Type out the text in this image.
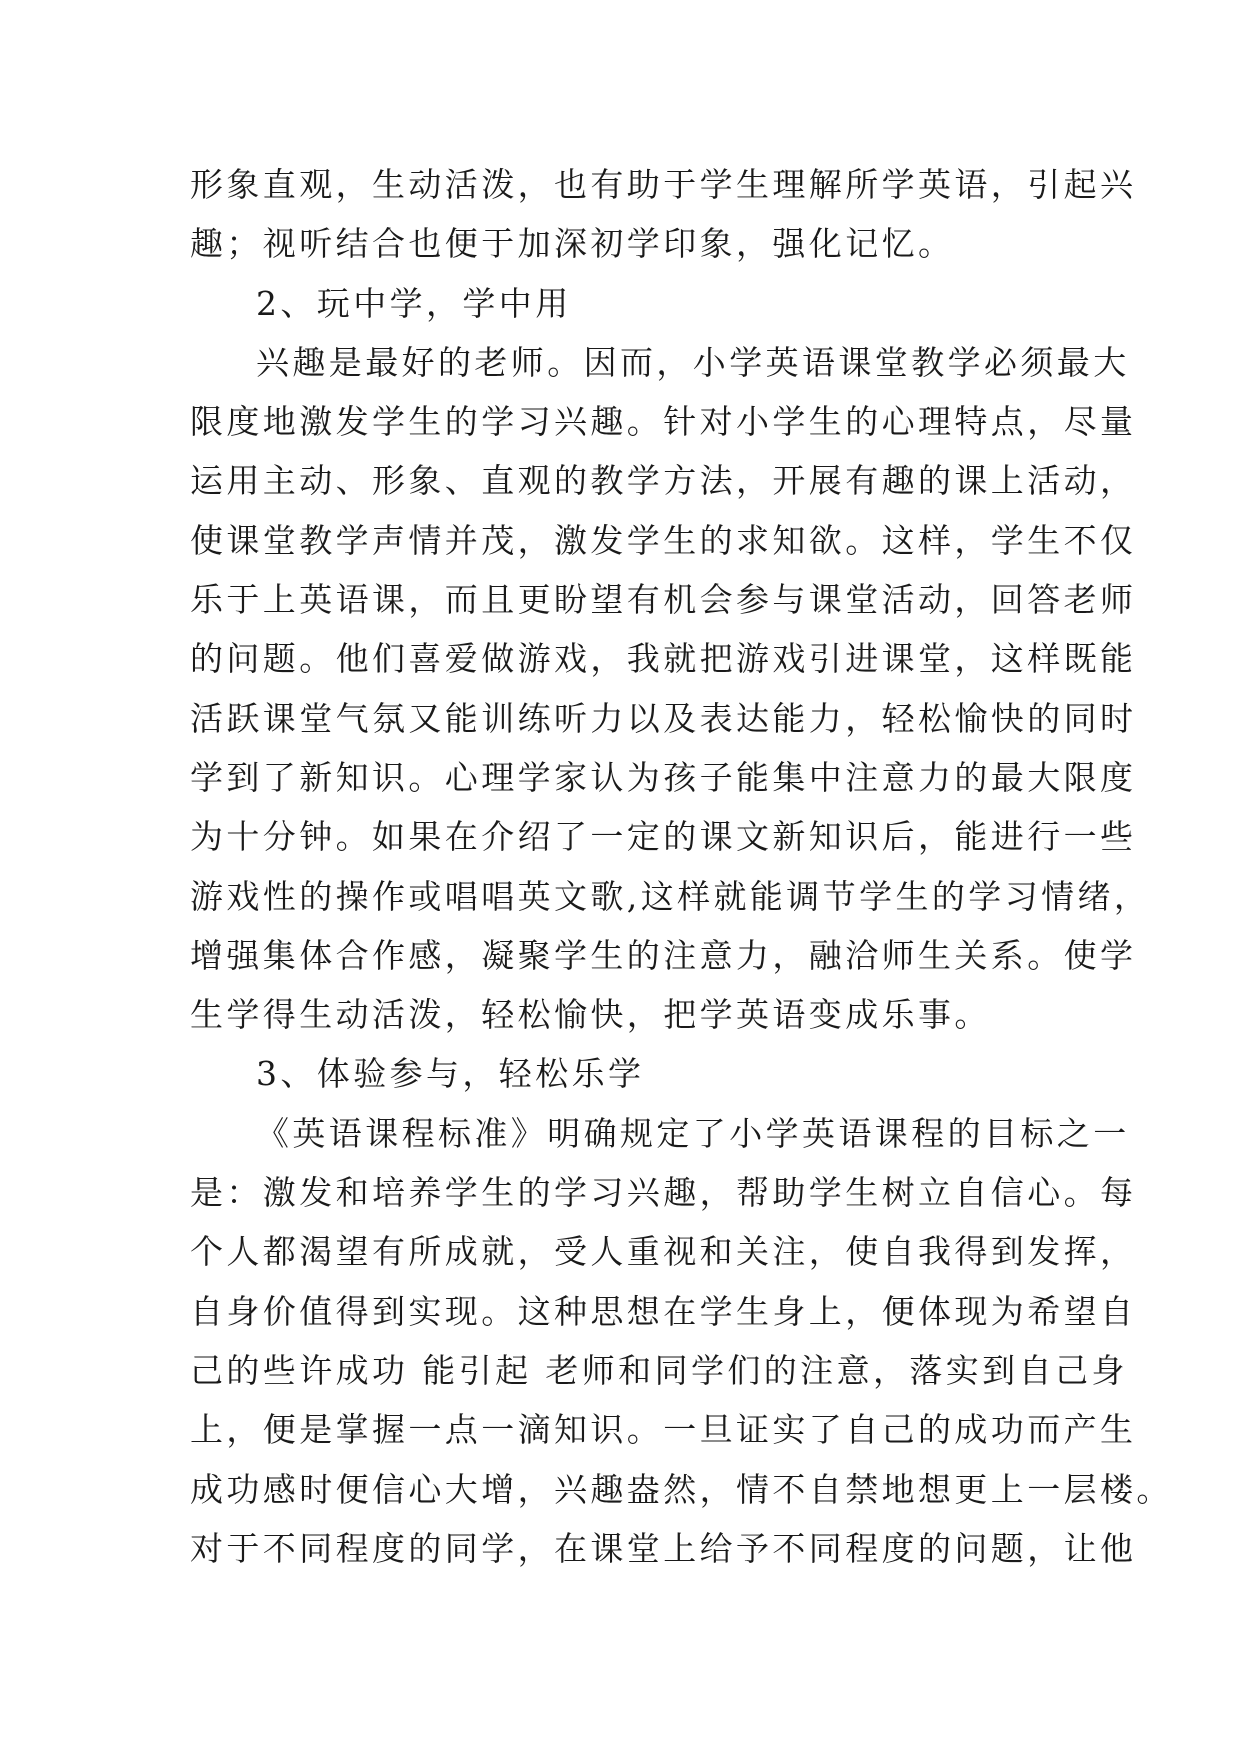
形象直观，生动活泼，也有助于学生理解所学英语，引起兴
趣；视听结合也便于加深初学印象，强化记忆。
2、玩中学，学中用
兴趣是最好的老师。因而，小学英语课堂教学必须最大
限度地激发学生的学习兴趣。针对小学生的心理特点，尽量
运用主动、形象、直观的教学方法，开展有趣的课上活动，
使课堂教学声情并茂，激发学生的求知欲。这样，学生不仅
乐于上英语课，而且更盼望有机会参与课堂活动，回答老师
的问题。他们喜爱做游戏，我就把游戏引进课堂，这样既能
活跃课堂气氛又能训练听力以及表达能力，轻松愉快的同时
学到了新知识。心理学家认为孩子能集中注意力的最大限度
为十分钟。如果在介绍了一定的课文新知识后，能进行一些
游戏性的操作或唱唱英文歌,这样就能调节学生的学习情绪，
增强集体合作感，凝聚学生的注意力，融洽师生关系。使学
生学得生动活泼，轻松愉快，把学英语变成乐事。
3、体验参与，轻松乐学
《英语课程标准》明确规定了小学英语课程的目标之一
是：激发和培养学生的学习兴趣，帮助学生树立自信心。每
个人都渴望有所成就，受人重视和关注，使自我得到发挥，
自身价值得到实现。这种思想在学生身上，便体现为希望自
己的些许成功 能引起 老师和同学们的注意，落实到自己身
上，便是掌握一点一滴知识。一旦证实了自己的成功而产生
成功感时便信心大增，兴趣盎然，情不自禁地想更上一层楼。
对于不同程度的同学，在课堂上给予不同程度的问题，让他
